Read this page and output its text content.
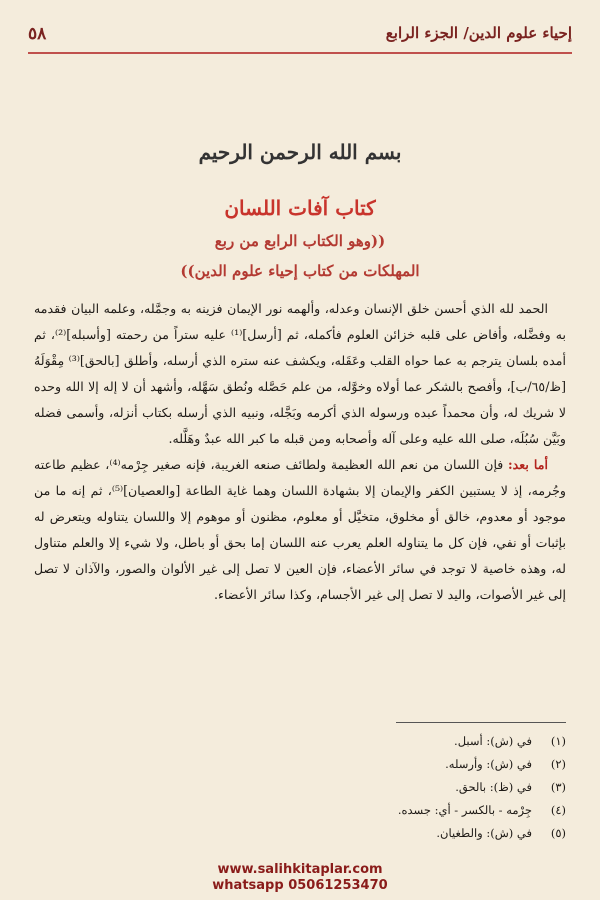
إحياء علوم الدين/ الجزء الرابع
٥٨
بسم الله الرحمن الرحيم
كتاب آفات اللسان
((وهو الكتاب الرابع من ربع
المهلكات من كتاب إحياء علوم الدين))

الحمد لله الذي أحسن خلق الإنسان وعدله، وألهمه نور الإيمان فزينه به وجمَّله، وعلمه البيان فقدمه به وفضَّله، وأفاض على قلبه خزائن العلوم فأكمله، ثم [أرسل]⁽¹⁾ عليه ستراً من رحمته [وأسبله]⁽²⁾، ثم أمده بلسان يترجم به عما حواه القلب وعَقَله، ويكشف عنه ستره الذي أرسله، وأطلق [بالحق]⁽³⁾ مِقْوَلَهُ [ظ/٦٥/ب]، وأفصح بالشكر عما أولاه وخوَّله، من علم حَصَّله ونُطق سَهَّله، وأشهد أن لا إله إلا الله وحده لا شريك له، وأن محمداً عبده ورسوله الذي أكرمه وبَجَّله، ونبيه الذي أرسله بكتاب أنزله، وأسمى فضله وبَيَّن سُبُلَه، صلى الله عليه وعلى آله وأصحابه ومن قبله ما كبر الله عبدٌ وهَلَّله.

أما بعد: فإن اللسان من نعم الله العظيمة ولطائف صنعه الغريبة، فإنه صغير جِرْمه⁽⁴⁾، عظيم طاعته وجُرمه، إذ لا يستبين الكفر والإيمان إلا بشهادة اللسان وهما غاية الطاعة [والعصيان]⁽⁵⁾، ثم إنه ما من موجود أو معدوم، خالق أو مخلوق، متخيَّل أو معلوم، مظنون أو موهوم إلا واللسان يتناوله ويتعرض له بإثبات أو نفي، فإن كل ما يتناوله العلم يعرب عنه اللسان إما بحق أو باطل، ولا شيء إلا والعلم متناول له، وهذه خاصية لا توجد في سائر الأعضاء، فإن العين لا تصل إلى غير الألوان والصور، والآذان لا تصل إلى غير الأصوات، واليد لا تصل إلى غير الأجسام، وكذا سائر الأعضاء.

(١)في (ش): أسبل.
(٢)في (ش): وأرسله.
(٣)في (ظ): بالحق.
(٤)جِرْمه - بالكسر - أي: جسده.
(٥)في (ش): والطغيان.
www.salihkitaplar.com
whatsapp 05061253470
